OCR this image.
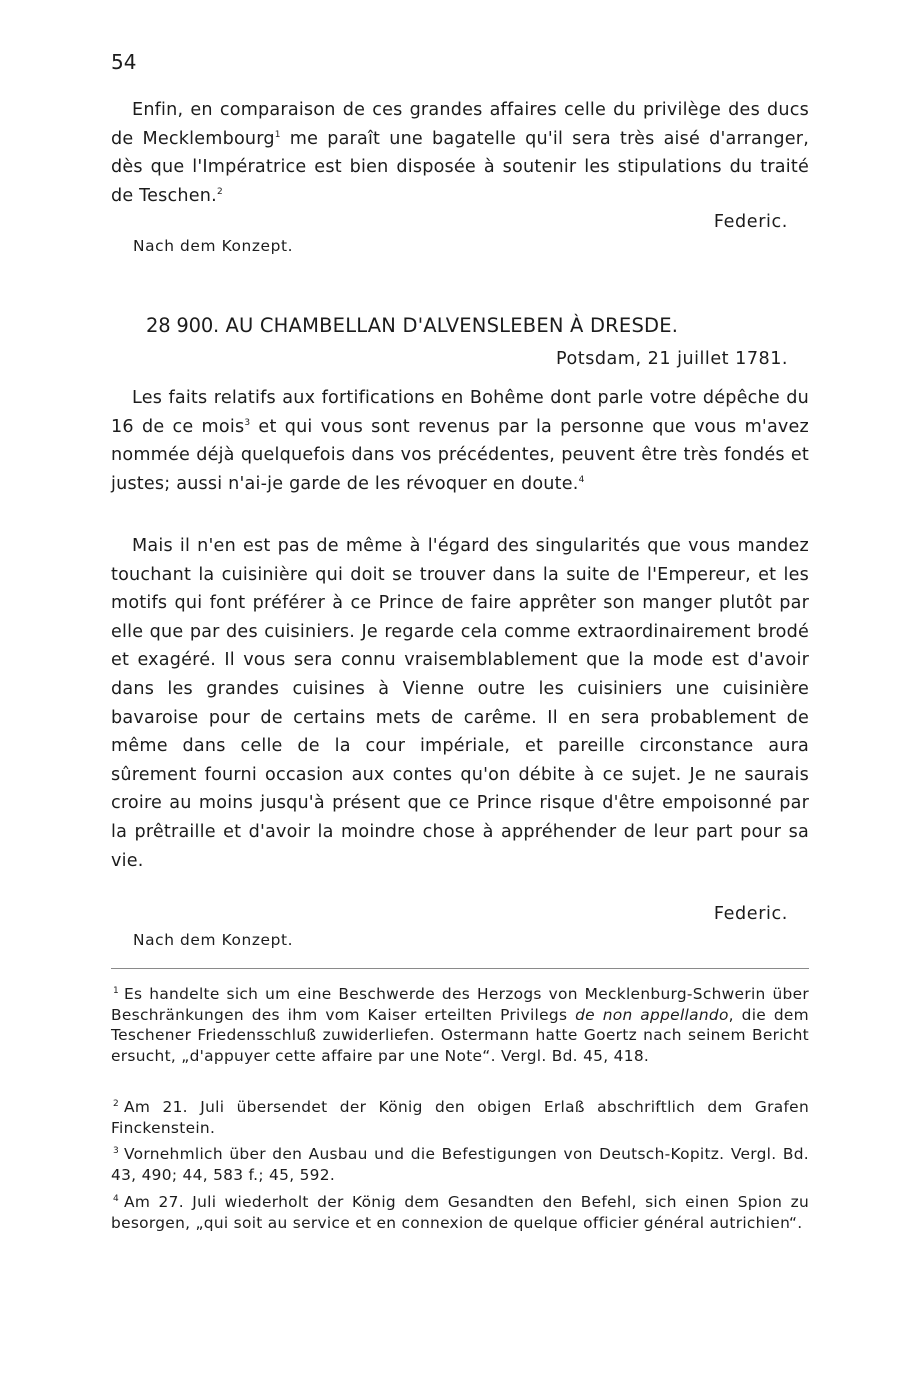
54

Enfin, en comparaison de ces grandes affaires celle du privilège des ducs de Mecklembourg$^1$ me paraît une bagatelle qu'il sera très aisé d'arranger, dès que l'Impératrice est bien disposée à soutenir les stipulations du traité de Teschen.$^2$

Federic.
Nach dem Konzept.
28 900. AU CHAMBELLAN D'ALVENSLEBEN À DRESDE.
Potsdam, 21 juillet 1781.

Les faits relatifs aux fortifications en Bohême dont parle votre dépêche du 16 de ce mois$^3$ et qui vous sont revenus par la personne que vous m'avez nommée déjà quelquefois dans vos précédentes, peuvent être très fondés et justes; aussi n'ai-je garde de les révoquer en doute.$^4$

Mais il n'en est pas de même à l'égard des singularités que vous mandez touchant la cuisinière qui doit se trouver dans la suite de l'Empereur, et les motifs qui font préférer à ce Prince de faire apprêter son manger plutôt par elle que par des cuisiniers. Je regarde cela comme extraordinairement brodé et exagéré. Il vous sera connu vraisemblablement que la mode est d'avoir dans les grandes cuisines à Vienne outre les cuisiniers une cuisinière bavaroise pour de certains mets de carême. Il en sera probablement de même dans celle de la cour impériale, et pareille circonstance aura sûrement fourni occasion aux contes qu'on débite à ce sujet. Je ne saurais croire au moins jusqu'à présent que ce Prince risque d'être empoisonné par la prêtraille et d'avoir la moindre chose à appréhender de leur part pour sa vie.

Federic.
Nach dem Konzept.
$^1$ Es handelte sich um eine Beschwerde des Herzogs von Mecklenburg-Schwerin über Beschränkungen des ihm vom Kaiser erteilten Privilegs de non appellando, die dem Teschener Friedensschluß zuwiderliefen. Ostermann hatte Goertz nach seinem Bericht ersucht, „d'appuyer cette affaire par une Note“. Vergl. Bd. 45, 418.
$^2$ Am 21. Juli übersendet der König den obigen Erlaß abschriftlich dem Grafen Finckenstein.
$^3$ Vornehmlich über den Ausbau und die Befestigungen von Deutsch-Kopitz. Vergl. Bd. 43, 490; 44, 583 f.; 45, 592.
$^4$ Am 27. Juli wiederholt der König dem Gesandten den Befehl, sich einen Spion zu besorgen, „qui soit au service et en connexion de quelque officier général autrichien“.
